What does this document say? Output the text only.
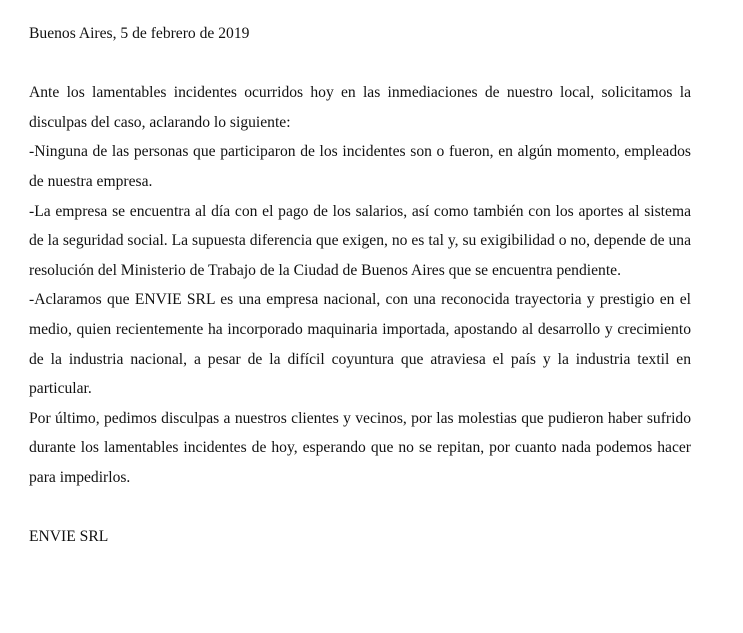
Buenos Aires, 5 de febrero de 2019

Ante los lamentables incidentes ocurridos hoy en las inmediaciones de nuestro local, solicitamos la disculpas del caso, aclarando lo siguiente:

-Ninguna de las personas que participaron de los incidentes son o fueron, en algún momento, empleados de nuestra empresa.

-La empresa se encuentra al día con el pago de los salarios, así como también con los aportes al sistema de la seguridad social. La supuesta diferencia que exigen, no es tal y, su exigibilidad o no, depende de una resolución del Ministerio de Trabajo de la Ciudad de Buenos Aires que se encuentra pendiente.

-Aclaramos que ENVIE SRL es una empresa nacional, con una reconocida trayectoria y prestigio en el medio, quien recientemente ha incorporado maquinaria importada, apostando al desarrollo y crecimiento de la industria nacional, a pesar de la difícil coyuntura que atraviesa el país y la industria textil en particular.

Por último, pedimos disculpas a nuestros clientes y vecinos, por las molestias que pudieron haber sufrido durante los lamentables incidentes de hoy, esperando que no se repitan, por cuanto nada podemos hacer para impedirlos.

ENVIE SRL
